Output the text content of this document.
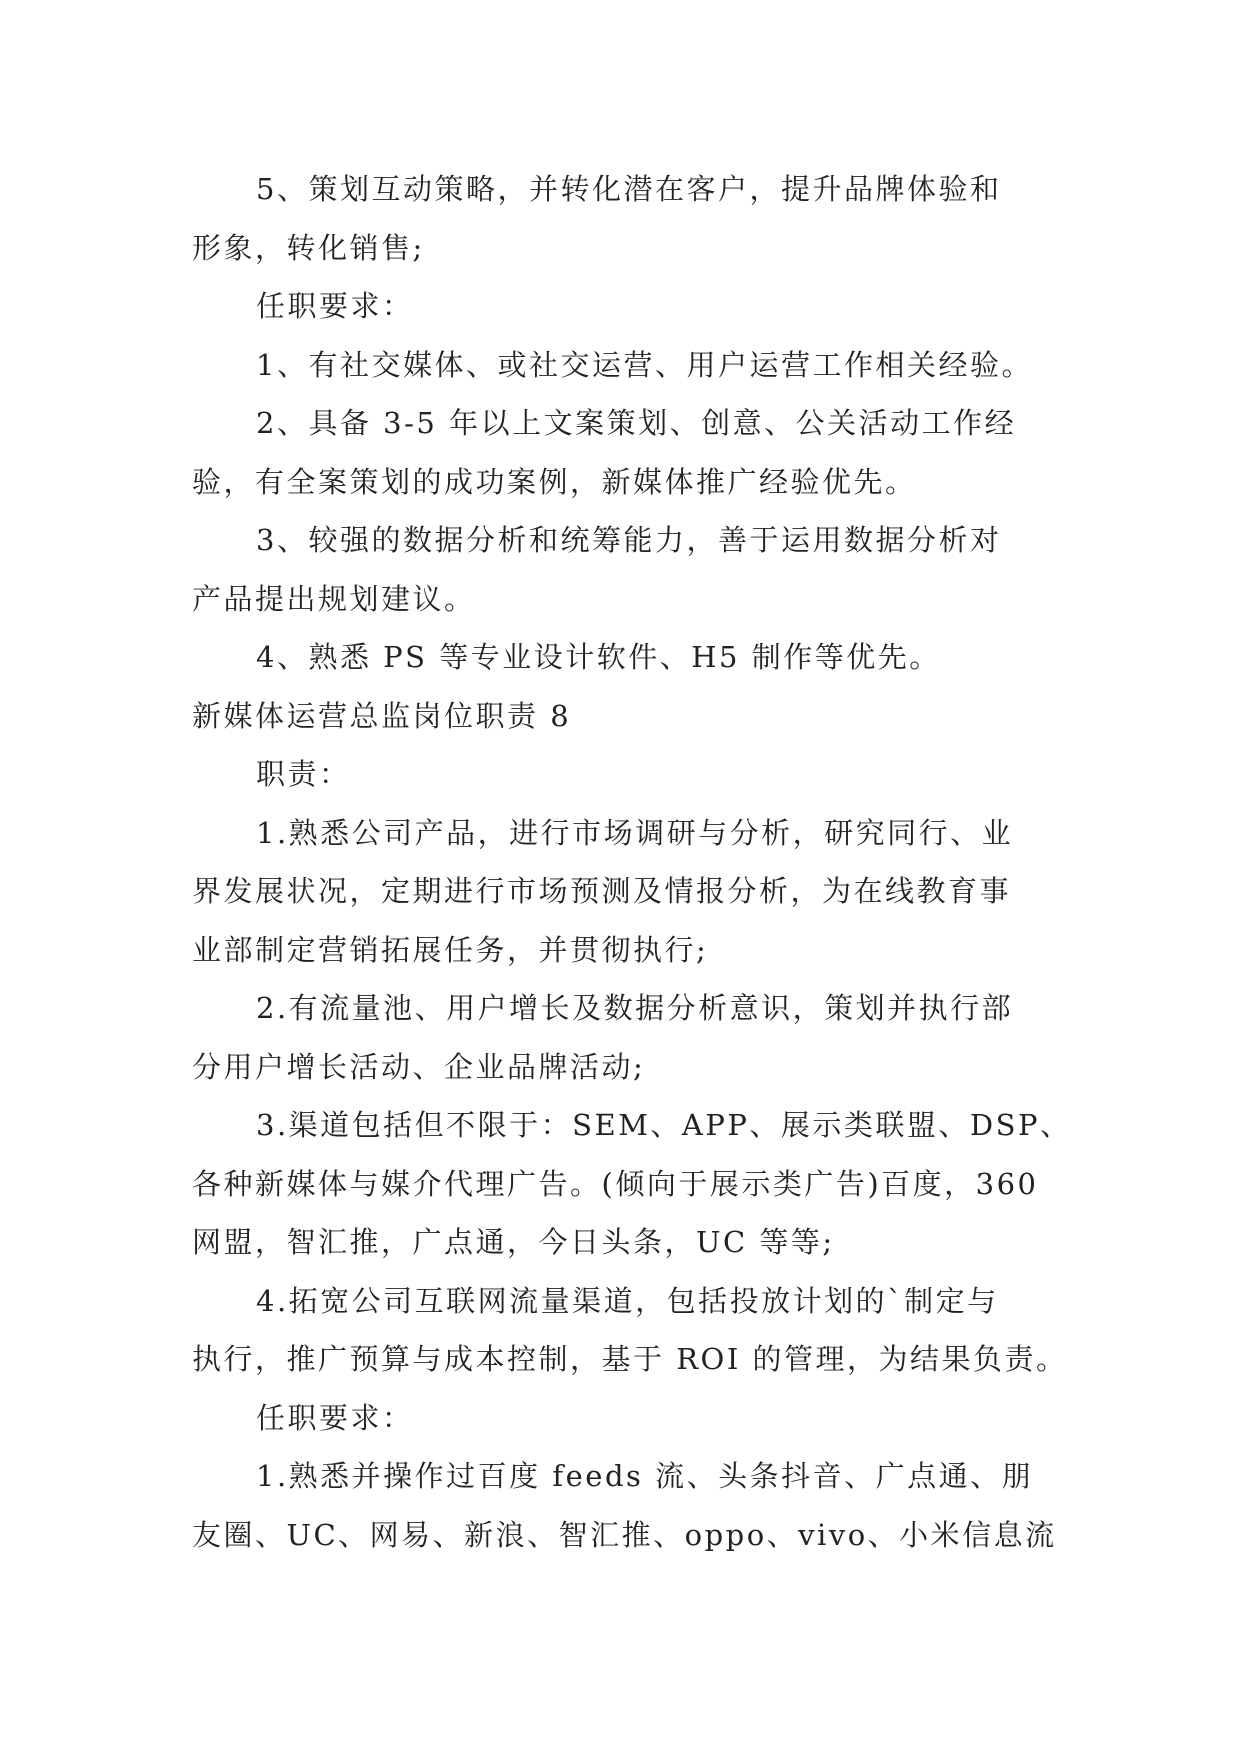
5、策划互动策略，并转化潜在客户，提升品牌体验和

形象，转化销售;

任职要求：

1、有社交媒体、或社交运营、用户运营工作相关经验。

2、具备 3-5 年以上文案策划、创意、公关活动工作经

验，有全案策划的成功案例，新媒体推广经验优先。

3、较强的数据分析和统筹能力，善于运用数据分析对

产品提出规划建议。

4、熟悉 PS 等专业设计软件、H5 制作等优先。

新媒体运营总监岗位职责 8

职责：

1.熟悉公司产品，进行市场调研与分析，研究同行、业

界发展状况，定期进行市场预测及情报分析，为在线教育事

业部制定营销拓展任务，并贯彻执行;

2.有流量池、用户增长及数据分析意识，策划并执行部

分用户增长活动、企业品牌活动;

3.渠道包括但不限于：SEM、APP、展示类联盟、DSP、

各种新媒体与媒介代理广告。(倾向于展示类广告)百度，360

网盟，智汇推，广点通，今日头条，UC 等等;

4.拓宽公司互联网流量渠道，包括投放计划的`制定与

执行，推广预算与成本控制，基于 ROI 的管理，为结果负责。

任职要求：

1.熟悉并操作过百度 feeds 流、头条抖音、广点通、朋

友圈、UC、网易、新浪、智汇推、oppo、vivo、小米信息流
